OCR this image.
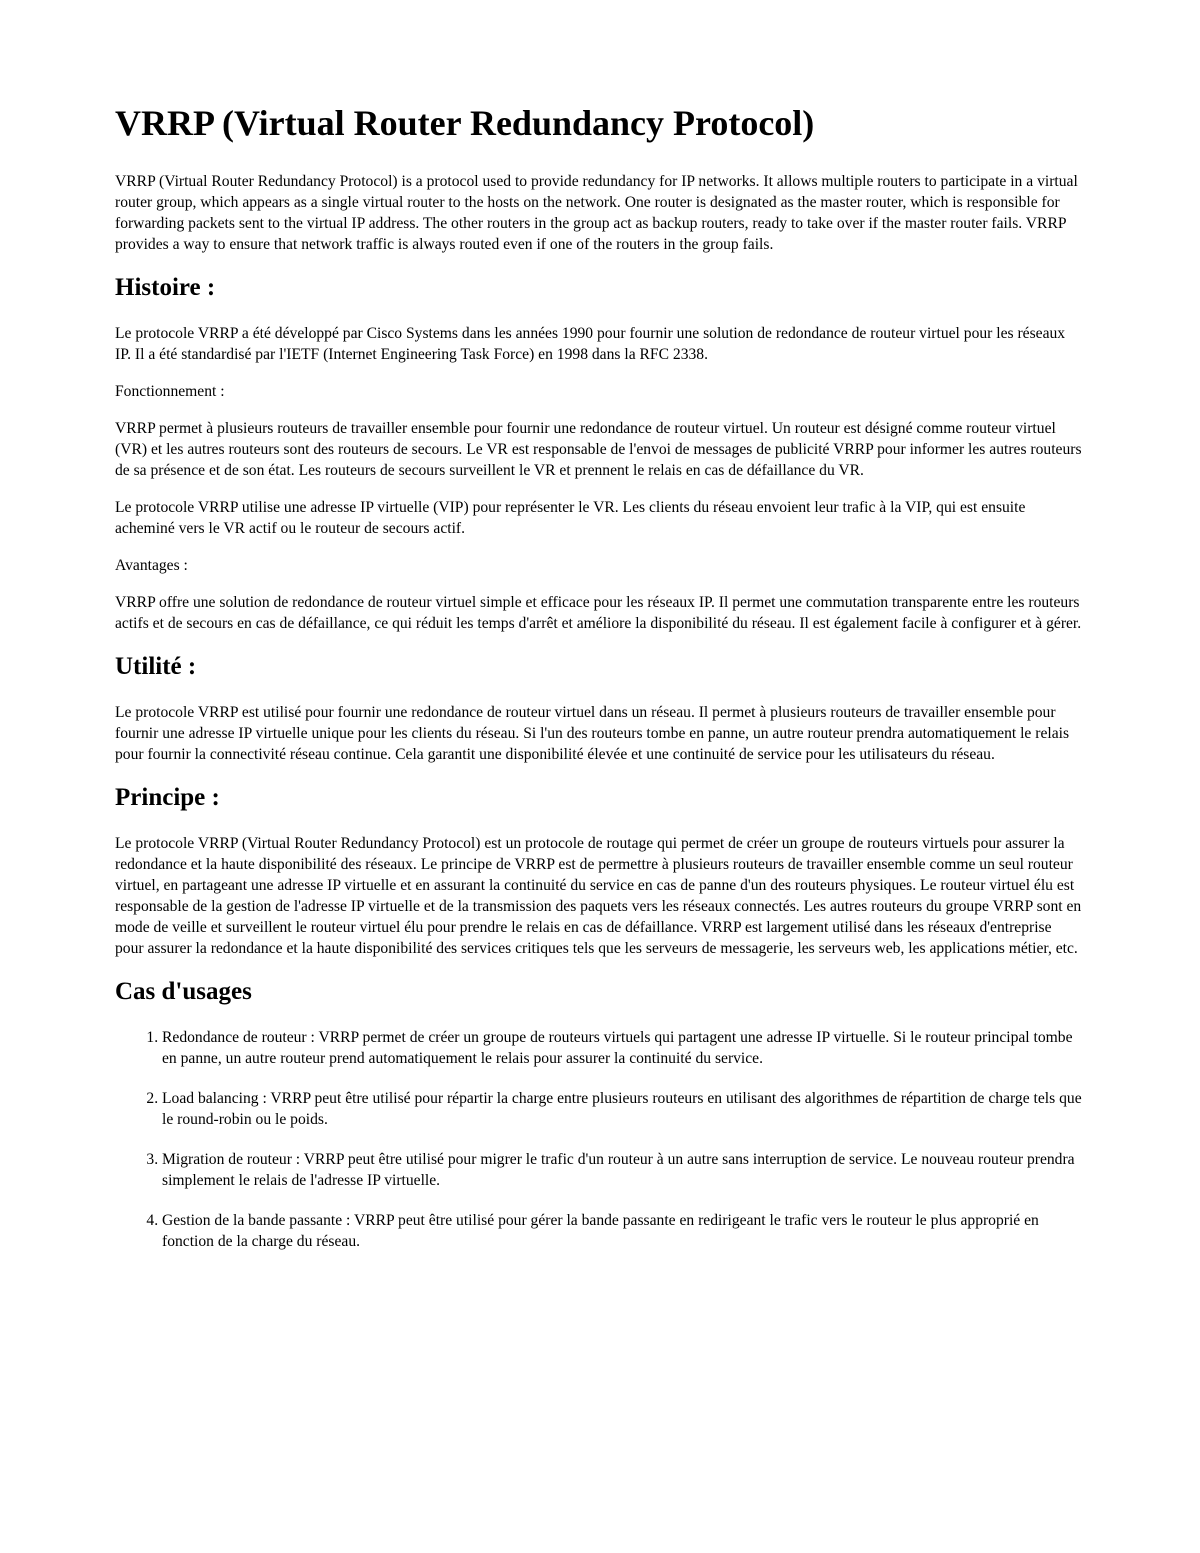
VRRP (Virtual Router Redundancy Protocol)

VRRP (Virtual Router Redundancy Protocol) is a protocol used to provide redundancy for IP networks. It allows multiple routers to participate in a virtual router group, which appears as a single virtual router to the hosts on the network. One router is designated as the master router, which is responsible for forwarding packets sent to the virtual IP address. The other routers in the group act as backup routers, ready to take over if the master router fails. VRRP provides a way to ensure that network traffic is always routed even if one of the routers in the group fails.

Histoire :

Le protocole VRRP a été développé par Cisco Systems dans les années 1990 pour fournir une solution de redondance de routeur virtuel pour les réseaux IP. Il a été standardisé par l'IETF (Internet Engineering Task Force) en 1998 dans la RFC 2338.

Fonctionnement :

VRRP permet à plusieurs routeurs de travailler ensemble pour fournir une redondance de routeur virtuel. Un routeur est désigné comme routeur virtuel (VR) et les autres routeurs sont des routeurs de secours. Le VR est responsable de l'envoi de messages de publicité VRRP pour informer les autres routeurs de sa présence et de son état. Les routeurs de secours surveillent le VR et prennent le relais en cas de défaillance du VR.

Le protocole VRRP utilise une adresse IP virtuelle (VIP) pour représenter le VR. Les clients du réseau envoient leur trafic à la VIP, qui est ensuite acheminé vers le VR actif ou le routeur de secours actif.

Avantages :

VRRP offre une solution de redondance de routeur virtuel simple et efficace pour les réseaux IP. Il permet une commutation transparente entre les routeurs actifs et de secours en cas de défaillance, ce qui réduit les temps d'arrêt et améliore la disponibilité du réseau. Il est également facile à configurer et à gérer.

Utilité :

Le protocole VRRP est utilisé pour fournir une redondance de routeur virtuel dans un réseau. Il permet à plusieurs routeurs de travailler ensemble pour fournir une adresse IP virtuelle unique pour les clients du réseau. Si l'un des routeurs tombe en panne, un autre routeur prendra automatiquement le relais pour fournir la connectivité réseau continue. Cela garantit une disponibilité élevée et une continuité de service pour les utilisateurs du réseau.

Principe :

Le protocole VRRP (Virtual Router Redundancy Protocol) est un protocole de routage qui permet de créer un groupe de routeurs virtuels pour assurer la redondance et la haute disponibilité des réseaux. Le principe de VRRP est de permettre à plusieurs routeurs de travailler ensemble comme un seul routeur virtuel, en partageant une adresse IP virtuelle et en assurant la continuité du service en cas de panne d'un des routeurs physiques. Le routeur virtuel élu est responsable de la gestion de l'adresse IP virtuelle et de la transmission des paquets vers les réseaux connectés. Les autres routeurs du groupe VRRP sont en mode de veille et surveillent le routeur virtuel élu pour prendre le relais en cas de défaillance. VRRP est largement utilisé dans les réseaux d'entreprise pour assurer la redondance et la haute disponibilité des services critiques tels que les serveurs de messagerie, les serveurs web, les applications métier, etc.

Cas d'usages
1. Redondance de routeur : VRRP permet de créer un groupe de routeurs virtuels qui partagent une adresse IP virtuelle. Si le routeur principal tombe en panne, un autre routeur prend automatiquement le relais pour assurer la continuité du service.
2. Load balancing : VRRP peut être utilisé pour répartir la charge entre plusieurs routeurs en utilisant des algorithmes de répartition de charge tels que le round-robin ou le poids.
3. Migration de routeur : VRRP peut être utilisé pour migrer le trafic d'un routeur à un autre sans interruption de service. Le nouveau routeur prendra simplement le relais de l'adresse IP virtuelle.
4. Gestion de la bande passante : VRRP peut être utilisé pour gérer la bande passante en redirigeant le trafic vers le routeur le plus approprié en fonction de la charge du réseau.
